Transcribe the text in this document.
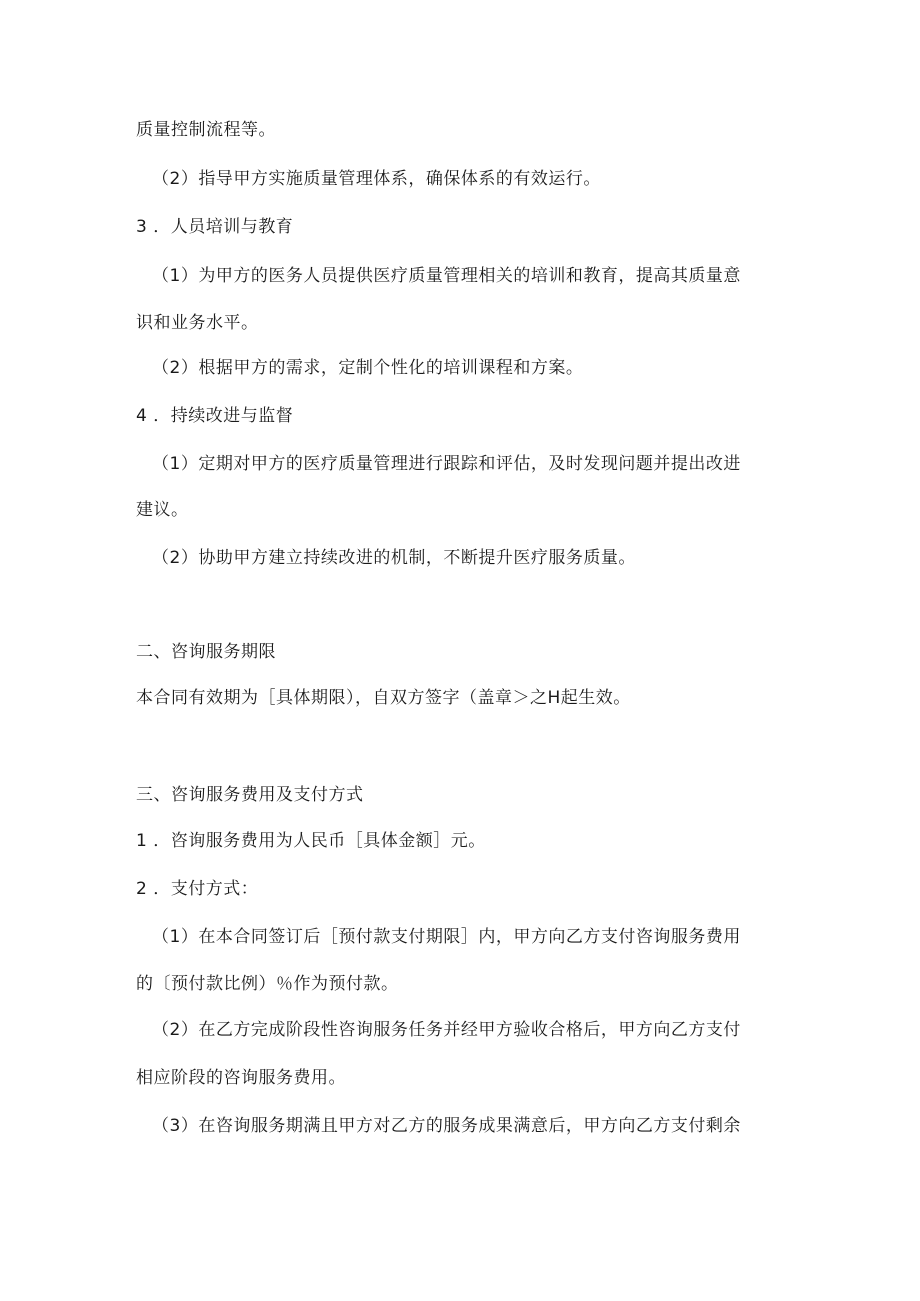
质量控制流程等。
（2）指导甲方实施质量管理体系，确保体系的有效运行。
3 ．人员培训与教育
（1）为甲方的医务人员提供医疗质量管理相关的培训和教育，提高其质量意
识和业务水平。
（2）根据甲方的需求，定制个性化的培训课程和方案。
4 ．持续改进与监督
（1）定期对甲方的医疗质量管理进行跟踪和评估，及时发现问题并提出改进
建议。
（2）协助甲方建立持续改进的机制，不断提升医疗服务质量。
二、咨询服务期限
本合同有效期为［具体期限），自双方签字（盖章＞之H起生效。
三、咨询服务费用及支付方式
1 ．咨询服务费用为人民币［具体金额］元。
2 ．支付方式：
（1）在本合同签订后［预付款支付期限］内，甲方向乙方支付咨询服务费用
的〔预付款比例）％作为预付款。
（2）在乙方完成阶段性咨询服务任务并经甲方验收合格后，甲方向乙方支付
相应阶段的咨询服务费用。
（3）在咨询服务期满且甲方对乙方的服务成果满意后，甲方向乙方支付剩余
